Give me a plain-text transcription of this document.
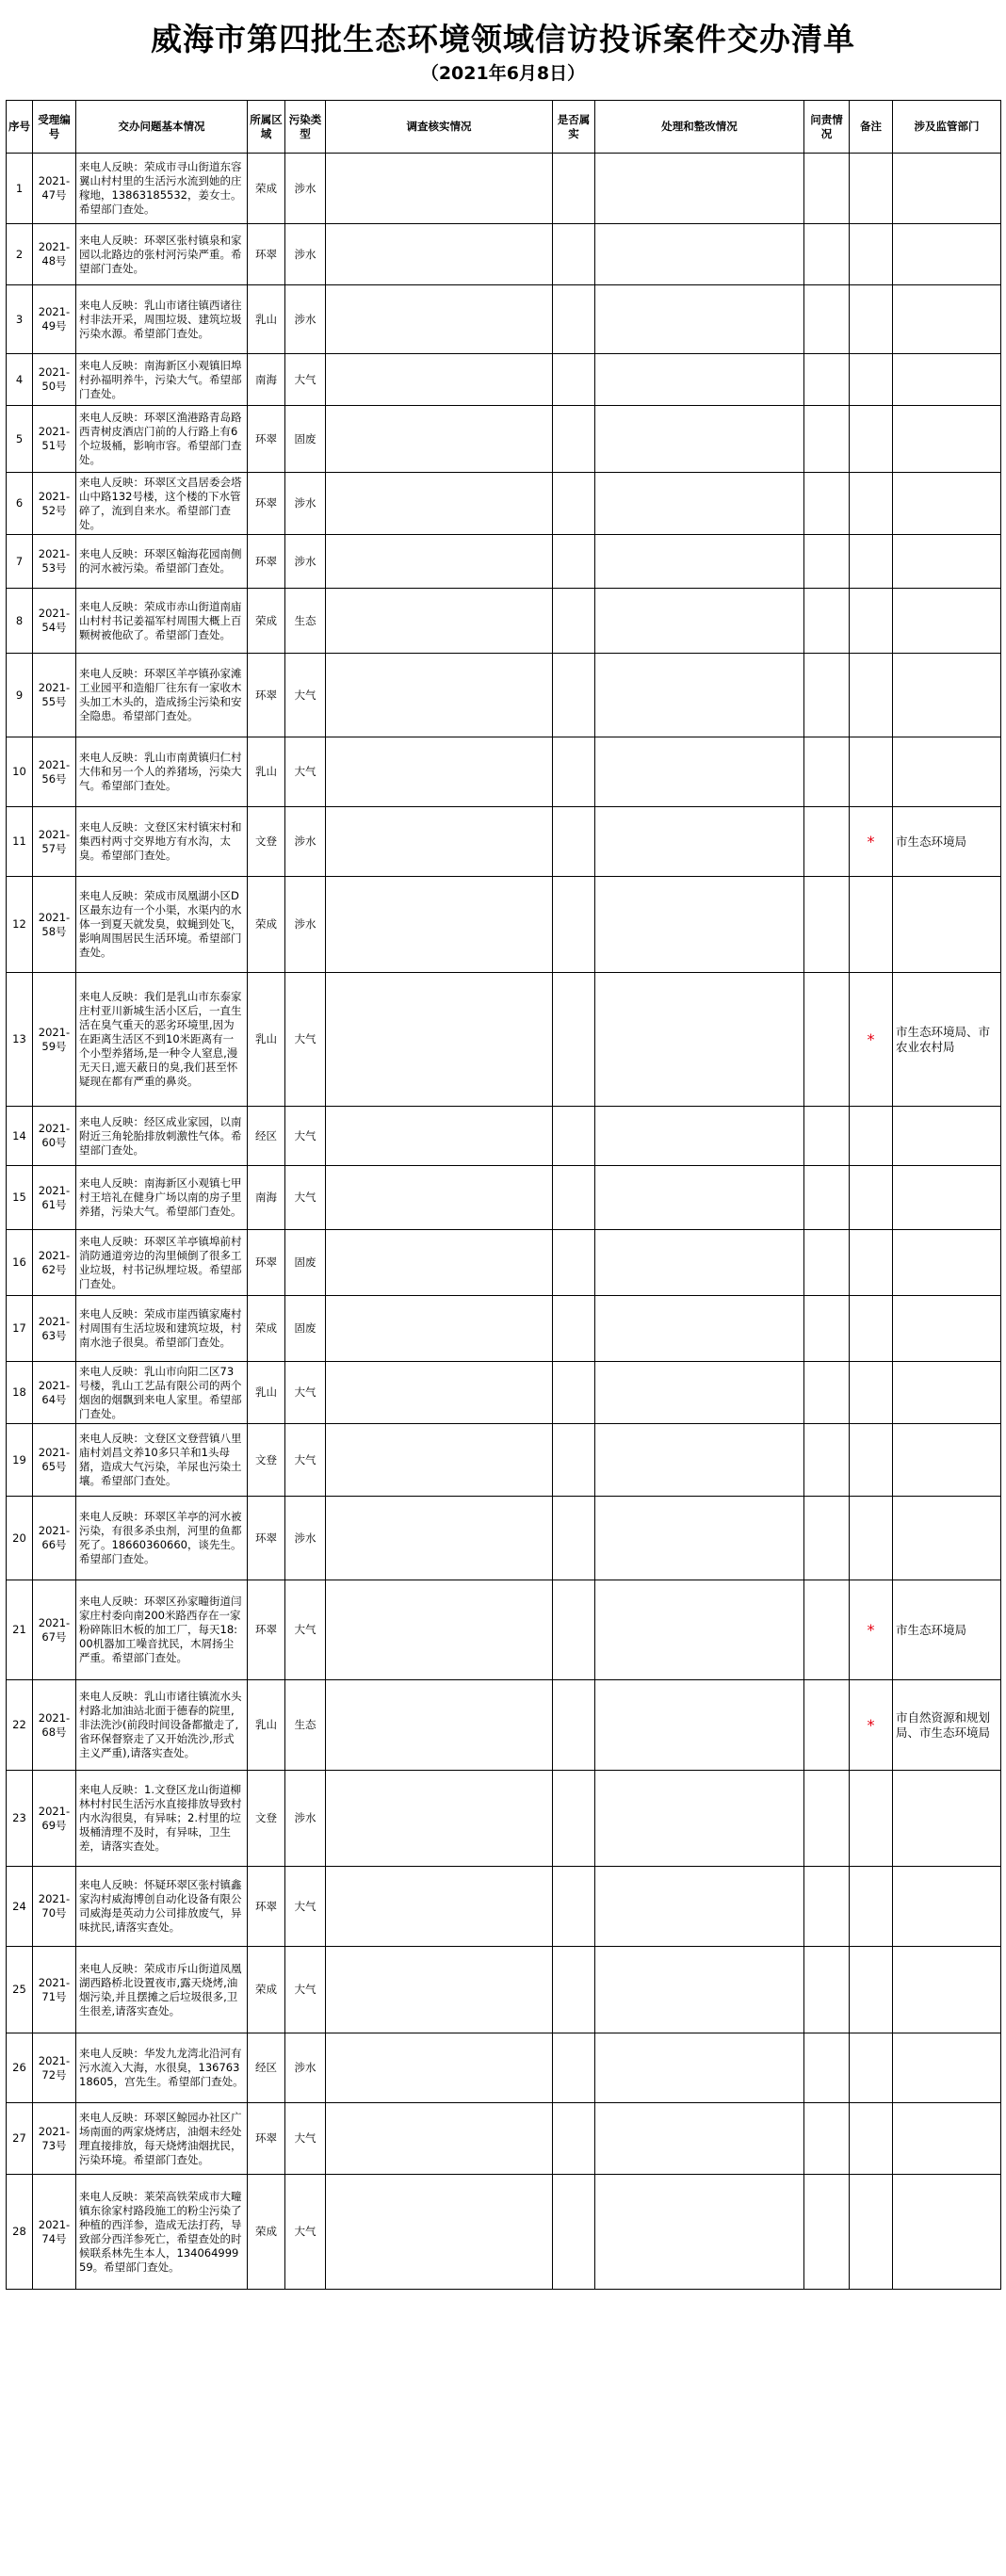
威海市第四批生态环境领域信访投诉案件交办清单
（2021年6月8日）
序号	受理编号	交办问题基本情况	所属区域	污染类型	调查核实情况	是否属实	处理和整改情况	问责情况	备注	涉及监管部门
1	2021-47号	来电人反映：荣成市寻山街道东容翼山村村里的生活污水流到她的庄稼地，13863185532，姜女士。希望部门查处。	荣成	涉水						
2	2021-48号	来电人反映：环翠区张村镇泉和家园以北路边的张村河污染严重。希望部门查处。	环翠	涉水						
3	2021-49号	来电人反映：乳山市诸往镇西诸往村非法开采，周围垃圾、建筑垃圾污染水源。希望部门查处。	乳山	涉水						
4	2021-50号	来电人反映：南海新区小观镇旧埠村孙福明养牛，污染大气。希望部门查处。	南海	大气						
5	2021-51号	来电人反映：环翠区渔港路青岛路西青树皮酒店门前的人行路上有6个垃圾桶，影响市容。希望部门查处。	环翠	固废						
6	2021-52号	来电人反映：环翠区文昌居委会塔山中路132号楼，这个楼的下水管碎了，流到自来水。希望部门查处。	环翠	涉水						
7	2021-53号	来电人反映：环翠区翰海花园南侧的河水被污染。希望部门查处。	环翠	涉水						
8	2021-54号	来电人反映：荣成市赤山街道南庙山村村书记姜福军村周围大概上百颗树被他砍了。希望部门查处。	荣成	生态						
9	2021-55号	来电人反映：环翠区羊亭镇孙家滩工业园平和造船厂往东有一家收木头加工木头的，造成扬尘污染和安全隐患。希望部门查处。	环翠	大气						
10	2021-56号	来电人反映：乳山市南黄镇归仁村大伟和另一个人的养猪场，污染大气。希望部门查处。	乳山	大气						
11	2021-57号	来电人反映：文登区宋村镇宋村和集西村两寸交界地方有水沟，太臭。希望部门查处。	文登	涉水					*	市生态环境局
12	2021-58号	来电人反映：荣成市凤凰湖小区D区最东边有一个小渠，水渠内的水体一到夏天就发臭，蚊蝇到处飞，影响周围居民生活环境。希望部门查处。	荣成	涉水						
13	2021-59号	来电人反映：我们是乳山市东泰家庄村亚川新城生活小区后，一直生活在臭气重天的恶劣环境里,因为在距离生活区不到10米距离有一个小型养猪场,是一种令人窒息,漫无天日,遮天蔽日的臭,我们甚至怀疑现在都有严重的鼻炎。	乳山	大气					*	市生态环境局、市农业农村局
14	2021-60号	来电人反映：经区成业家园，以南附近三角轮胎排放刺激性气体。希望部门查处。	经区	大气						
15	2021-61号	来电人反映：南海新区小观镇七甲村王培礼在健身广场以南的房子里养猪，污染大气。希望部门查处。	南海	大气						
16	2021-62号	来电人反映：环翠区羊亭镇埠前村消防通道旁边的沟里倾倒了很多工业垃圾，村书记纵埋垃圾。希望部门查处。	环翠	固废						
17	2021-63号	来电人反映：荣成市崖西镇家庵村村周围有生活垃圾和建筑垃圾，村南水池子很臭。希望部门查处。	荣成	固废						
18	2021-64号	来电人反映：乳山市向阳二区73号楼，乳山工艺品有限公司的两个烟囱的烟飘到来电人家里。希望部门查处。	乳山	大气						
19	2021-65号	来电人反映：文登区文登营镇八里庙村刘昌文养10多只羊和1头母猪，造成大气污染，羊尿也污染土壤。希望部门查处。	文登	大气						
20	2021-66号	来电人反映：环翠区羊亭的河水被污染，有很多杀虫剂，河里的鱼都死了。18660360660，谈先生。希望部门查处。	环翠	涉水						
21	2021-67号	来电人反映：环翠区孙家疃街道闫家庄村委向南200米路西存在一家粉碎陈旧木板的加工厂，每天18:00机器加工噪音扰民，木屑扬尘严重。希望部门查处。	环翠	大气					*	市生态环境局
22	2021-68号	来电人反映：乳山市诸往镇流水头村路北加油站北面于德春的院里,非法洗沙(前段时间设备都撤走了,省环保督察走了又开始洗沙,形式主义严重),请落实查处。	乳山	生态					*	市自然资源和规划局、市生态环境局
23	2021-69号	来电人反映：1.文登区龙山街道柳林村村民生活污水直接排放导致村内水沟很臭，有异味；2.村里的垃圾桶清理不及时，有异味，卫生差，请落实查处。	文登	涉水						
24	2021-70号	来电人反映：怀疑环翠区张村镇鑫家沟村威海博创自动化设备有限公司威海是英动力公司排放废气，异味扰民,请落实查处。	环翠	大气						
25	2021-71号	来电人反映：荣成市斥山街道凤凰湖西路桥北设置夜市,露天烧烤,油烟污染,并且摆摊之后垃圾很多,卫生很差,请落实查处。	荣成	大气						
26	2021-72号	来电人反映：华发九龙湾北沿河有污水流入大海，水很臭，13676318605，宫先生。希望部门查处。	经区	涉水						
27	2021-73号	来电人反映：环翠区鲸园办社区广场南面的两家烧烤店，油烟未经处理直接排放，每天烧烤油烟扰民，污染环境。希望部门查处。	环翠	大气						
28	2021-74号	来电人反映：莱荣高铁荣成市大疃镇东徐家村路段施工的粉尘污染了种植的西洋参，造成无法打药，导致部分西洋参死亡，希望查处的时候联系林先生本人，13406499959。希望部门查处。	荣成	大气						
